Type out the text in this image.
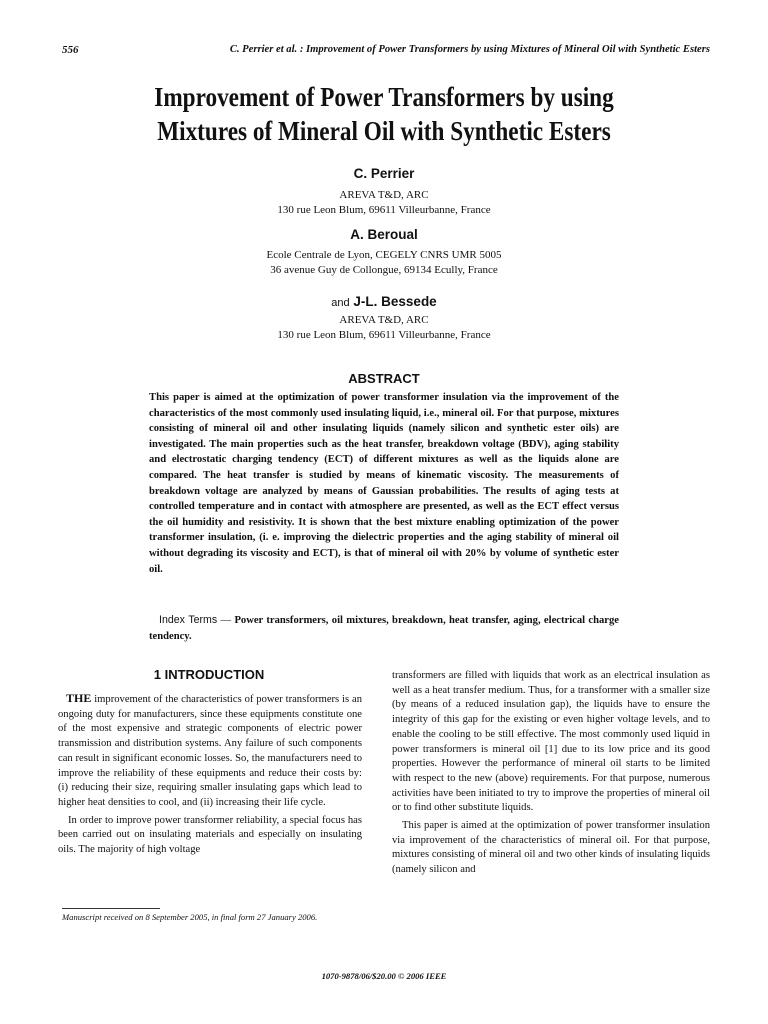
556	C. Perrier et al. : Improvement of Power Transformers by using Mixtures of Mineral Oil with Synthetic Esters
Improvement of Power Transformers by using
Mixtures of Mineral Oil with Synthetic Esters
C. Perrier
AREVA T&D, ARC
130 rue Leon Blum, 69611 Villeurbanne, France
A. Beroual
Ecole Centrale de Lyon, CEGELY CNRS UMR 5005
36 avenue Guy de Collongue, 69134 Ecully, France
and J-L. Bessede
AREVA T&D, ARC
130 rue Leon Blum, 69611 Villeurbanne, France
ABSTRACT
This paper is aimed at the optimization of power transformer insulation via the improvement of the characteristics of the most commonly used insulating liquid, i.e., mineral oil. For that purpose, mixtures consisting of mineral oil and other insulating liquids (namely silicon and synthetic ester oils) are investigated. The main properties such as the heat transfer, breakdown voltage (BDV), aging stability and electrostatic charging tendency (ECT) of different mixtures as well as the liquids alone are compared. The heat transfer is studied by means of kinematic viscosity. The measurements of breakdown voltage are analyzed by means of Gaussian probabilities. The results of aging tests at controlled temperature and in contact with atmosphere are presented, as well as the ECT effect versus the oil humidity and resistivity. It is shown that the best mixture enabling optimization of the power transformer insulation, (i. e. improving the dielectric properties and the aging stability of mineral oil without degrading its viscosity and ECT), is that of mineral oil with 20% by volume of synthetic ester oil.
Index Terms — Power transformers, oil mixtures, breakdown, heat transfer, aging, electrical charge tendency.
1 INTRODUCTION

THE improvement of the characteristics of power transformers is an ongoing duty for manufacturers, since these equipments constitute one of the most expensive and strategic components of electric power transmission and distribution systems. Any failure of such components can result in significant economic losses. So, the manufacturers need to improve the reliability of these equipments and reduce their costs by: (i) reducing their size, requiring smaller insulating gaps which lead to higher heat densities to cool, and (ii) increasing their life cycle.

In order to improve power transformer reliability, a special focus has been carried out on insulating materials and especially on insulating oils. The majority of high voltage

transformers are filled with liquids that work as an electrical insulation as well as a heat transfer medium. Thus, for a transformer with a smaller size (by means of a reduced insulation gap), the liquids have to ensure the integrity of this gap for the existing or even higher voltage levels, and to enable the cooling to be still effective. The most commonly used liquid in power transformers is mineral oil [1] due to its low price and its good properties. However the performance of mineral oil starts to be limited with respect to the new (above) requirements. For that purpose, numerous activities have been initiated to try to improve the properties of mineral oil or to find other substitute liquids.

This paper is aimed at the optimization of power transformer insulation via improvement of the characteristics of mineral oil. For that purpose, mixtures consisting of mineral oil and two other kinds of insulating liquids (namely silicon and

Manuscript received on 8 September 2005, in final form 27 January 2006.
1070-9878/06/$20.00 © 2006 IEEE
